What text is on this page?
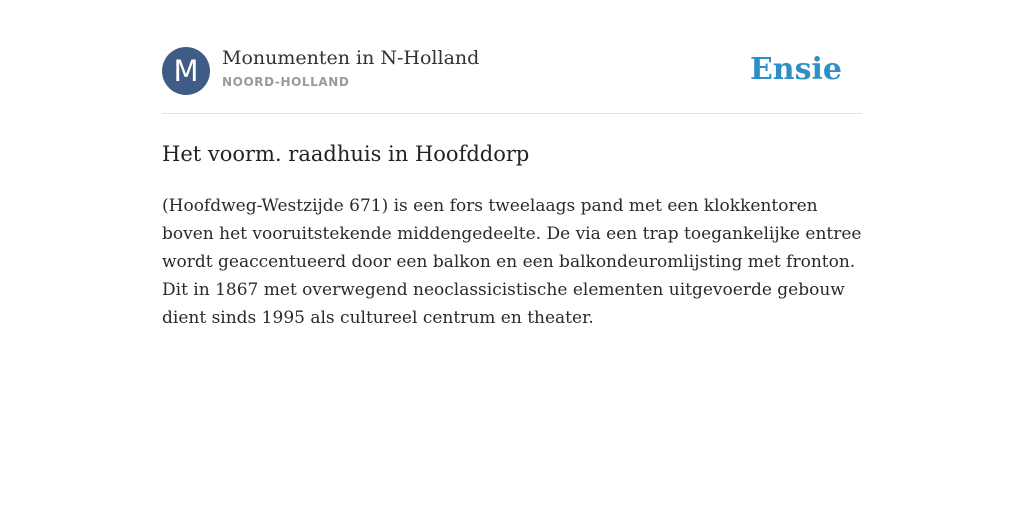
M	Monumenten in N-Holland
NOORD-HOLLAND	Ensie
Het voorm. raadhuis in Hoofddorp

(Hoofdweg-Westzijde 671) is een fors tweelaags pand met een klokkentoren
boven het vooruitstekende middengedeelte. De via een trap toegankelijke entree
wordt geaccentueerd door een balkon en een balkondeuromlijsting met fronton.
Dit in 1867 met overwegend neoclassicistische elementen uitgevoerde gebouw
dient sinds 1995 als cultureel centrum en theater.
